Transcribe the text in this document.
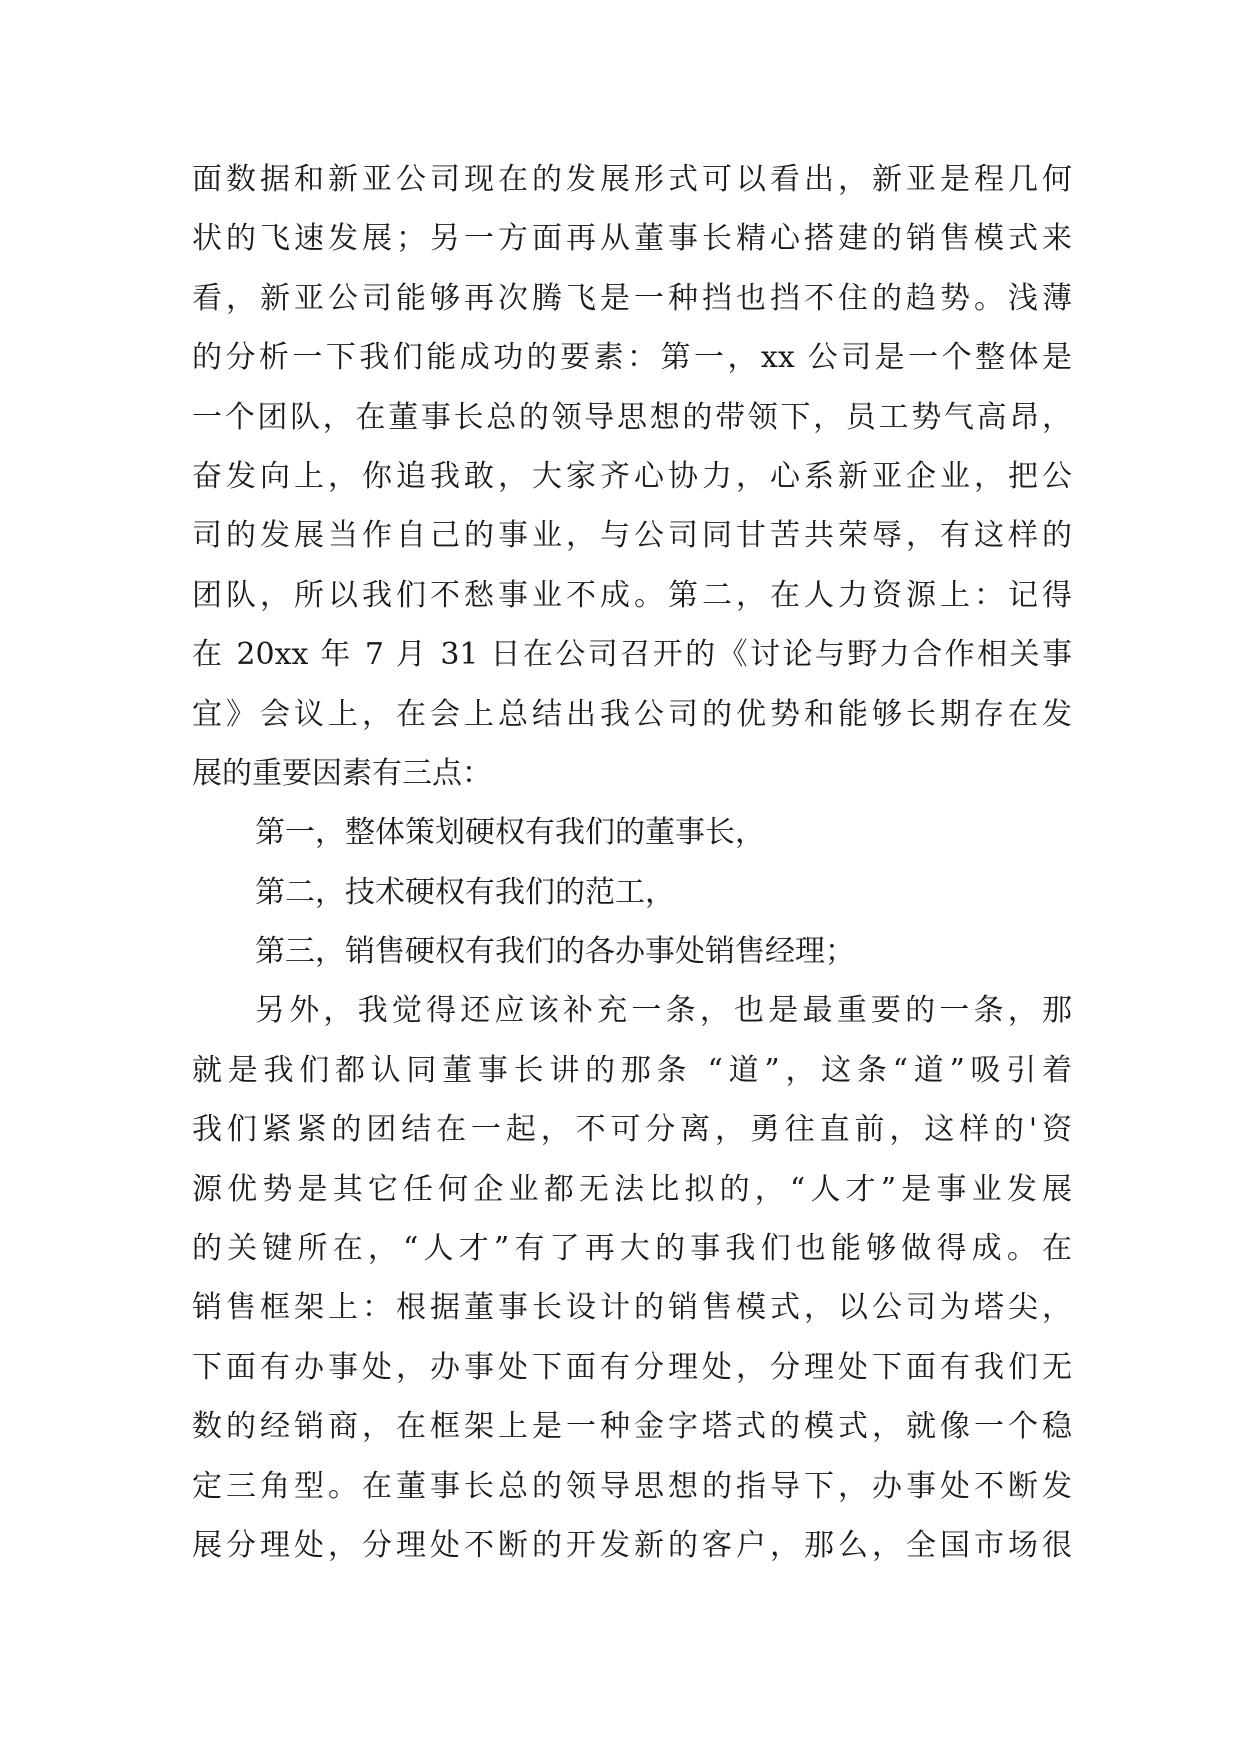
面数据和新亚公司现在的发展形式可以看出，新亚是程几何
状的飞速发展；另一方面再从董事长精心搭建的销售模式来
看，新亚公司能够再次腾飞是一种挡也挡不住的趋势。浅薄
的分析一下我们能成功的要素：第一，xx 公司是一个整体是
一个团队，在董事长总的领导思想的带领下，员工势气高昂，
奋发向上，你追我敢，大家齐心协力，心系新亚企业，把公
司的发展当作自己的事业，与公司同甘苦共荣辱，有这样的
团队，所以我们不愁事业不成。第二，在人力资源上：记得
在 20xx 年 7 月 31 日在公司召开的《讨论与野力合作相关事
宜》会议上，在会上总结出我公司的优势和能够长期存在发
展的重要因素有三点：
第一，整体策划硬权有我们的董事长，
第二，技术硬权有我们的范工，
第三，销售硬权有我们的各办事处销售经理；
另外，我觉得还应该补充一条，也是最重要的一条，那
就是我们都认同董事长讲的那条 “道”，这条“道”吸引着
我们紧紧的团结在一起，不可分离，勇往直前，这样的'资
源优势是其它任何企业都无法比拟的，“人才”是事业发展
的关键所在，“人才”有了再大的事我们也能够做得成。在
销售框架上：根据董事长设计的销售模式，以公司为塔尖，
下面有办事处，办事处下面有分理处，分理处下面有我们无
数的经销商，在框架上是一种金字塔式的模式，就像一个稳
定三角型。在董事长总的领导思想的指导下，办事处不断发
展分理处，分理处不断的开发新的客户，那么，全国市场很
